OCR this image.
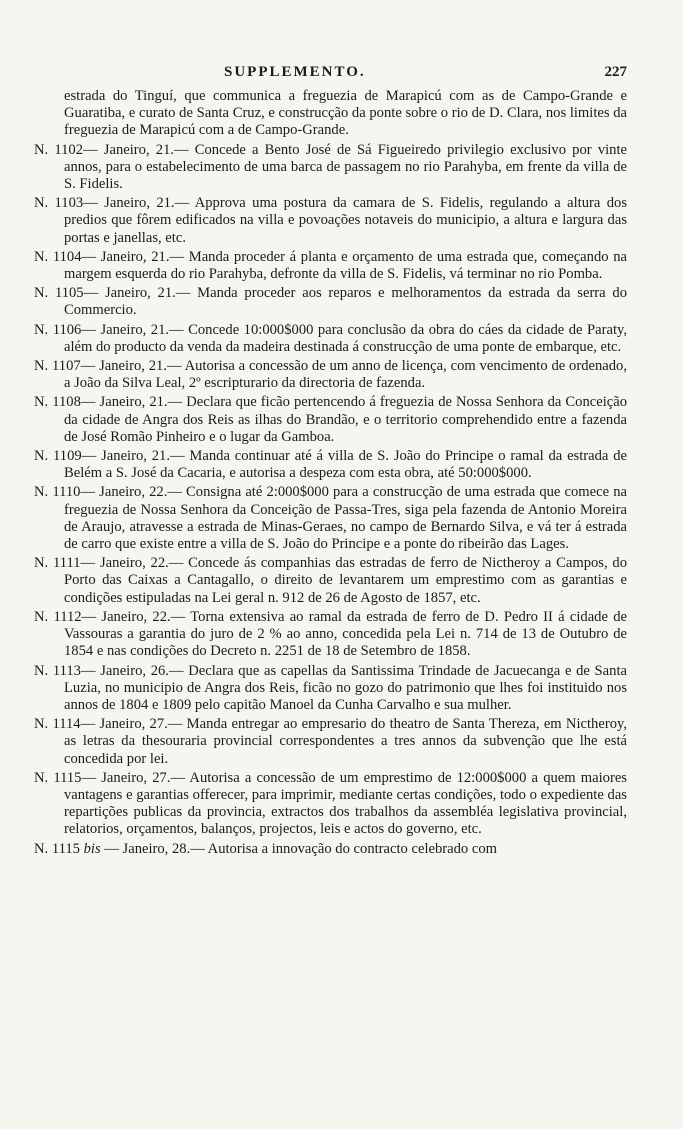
SUPPLEMENTO.	227

estrada do Tinguí, que communica a freguezia de Marapicú com as de Campo-Grande e Guaratiba, e curato de Santa Cruz, e construcção da ponte sobre o rio de D. Clara, nos limites da freguezia de Marapicú com a de Campo-Grande.

N. 1102— Janeiro, 21.— Concede a Bento José de Sá Figueiredo privilegio exclusivo por vinte annos, para o estabelecimento de uma barca de passagem no rio Parahyba, em frente da villa de S. Fidelis.

N. 1103— Janeiro, 21.— Approva uma postura da camara de S. Fidelis, regulando a altura dos predios que fôrem edificados na villa e povoações notaveis do municipio, a altura e largura das portas e janellas, etc.

N. 1104— Janeiro, 21.— Manda proceder á planta e orçamento de uma estrada que, começando na margem esquerda do rio Parahyba, defronte da villa de S. Fidelis, vá terminar no rio Pomba.

N. 1105— Janeiro, 21.— Manda proceder aos reparos e melhoramentos da estrada da serra do Commercio.

N. 1106— Janeiro, 21.— Concede 10:000$000 para conclusão da obra do cáes da cidade de Paraty, além do producto da venda da madeira destinada á construcção de uma ponte de embarque, etc.

N. 1107— Janeiro, 21.— Autorisa a concessão de um anno de licença, com vencimento de ordenado, a João da Silva Leal, 2º escripturario da directoria de fazenda.

N. 1108— Janeiro, 21.— Declara que ficão pertencendo á freguezia de Nossa Senhora da Conceição da cidade de Angra dos Reis as ilhas do Brandão, e o territorio comprehendido entre a fazenda de José Romão Pinheiro e o lugar da Gamboa.

N. 1109— Janeiro, 21.— Manda continuar até á villa de S. João do Principe o ramal da estrada de Belém a S. José da Cacaria, e autorisa a despeza com esta obra, até 50:000$000.

N. 1110— Janeiro, 22.— Consigna até 2:000$000 para a construcção de uma estrada que comece na freguezia de Nossa Senhora da Conceição de Passa-Tres, siga pela fazenda de Antonio Moreira de Araujo, atravesse a estrada de Minas-Geraes, no campo de Bernardo Silva, e vá ter á estrada de carro que existe entre a villa de S. João do Principe e a ponte do ribeirão das Lages.

N. 1111— Janeiro, 22.— Concede ás companhias das estradas de ferro de Nictheroy a Campos, do Porto das Caixas a Cantagallo, o direito de levantarem um emprestimo com as garantias e condições estipuladas na Lei geral n. 912 de 26 de Agosto de 1857, etc.

N. 1112— Janeiro, 22.— Torna extensiva ao ramal da estrada de ferro de D. Pedro II á cidade de Vassouras a garantia do juro de 2 % ao anno, concedida pela Lei n. 714 de 13 de Outubro de 1854 e nas condições do Decreto n. 2251 de 18 de Setembro de 1858.

N. 1113— Janeiro, 26.— Declara que as capellas da Santissima Trindade de Jacuecanga e de Santa Luzia, no municipio de Angra dos Reis, ficão no gozo do patrimonio que lhes foi instituido nos annos de 1804 e 1809 pelo capitão Manoel da Cunha Carvalho e sua mulher.

N. 1114— Janeiro, 27.— Manda entregar ao empresario do theatro de Santa Thereza, em Nictheroy, as letras da thesouraria provincial correspondentes a tres annos da subvenção que lhe está concedida por lei.

N. 1115— Janeiro, 27.— Autorisa a concessão de um emprestimo de 12:000$000 a quem maiores vantagens e garantias offerecer, para imprimir, mediante certas condições, todo o expediente das repartições publicas da provincia, extractos dos trabalhos da assembléa legislativa provincial, relatorios, orçamentos, balanços, projectos, leis e actos do governo, etc.

N. 1115 bis — Janeiro, 28.— Autorisa a innovação do contracto celebrado com
